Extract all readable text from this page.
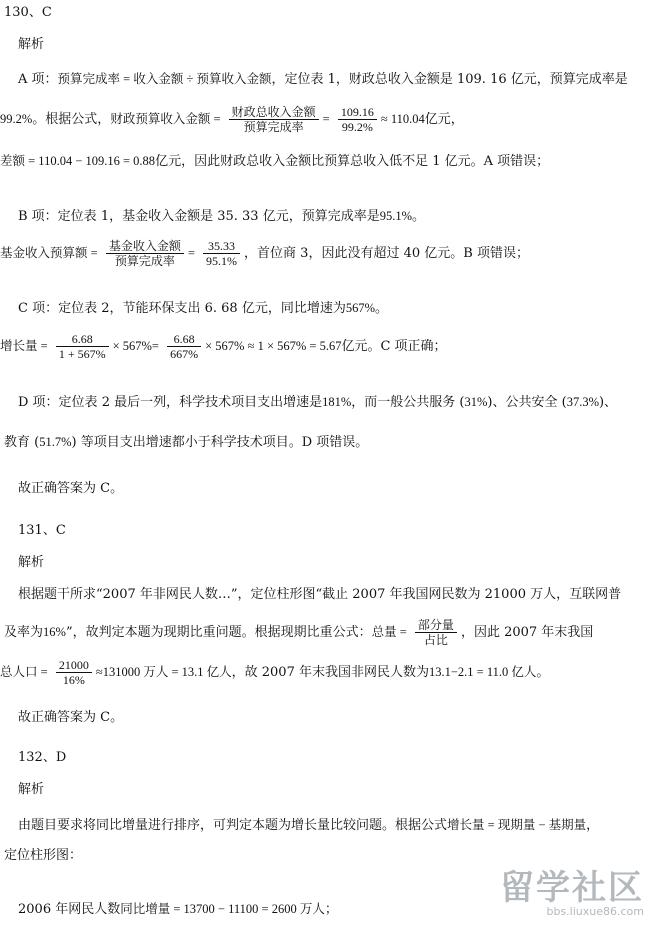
130、C
解析
A 项：预算完成率 = 收入金额 ÷ 预算收入金额，定位表 1，财政总收入金额是 109. 16 亿元，预算完成率是
99.2%。根据公式，财政预算收入金额 = $\frac{\text{财政总收入金额}}{\text{预算完成率}} = \frac{109.16}{99.2\%} \approx 110.04$亿元，
差额 = 110.04 − 109.16 = 0.88亿元，因此财政总收入金额比预算总收入低不足 1 亿元。A 项错误；
B 项：定位表 1，基金收入金额是 35. 33 亿元，预算完成率是95.1%。
基金收入预算额 = $\frac{\text{基金收入金额}}{\text{预算完成率}} = \frac{35.33}{95.1\%}$ ，首位商 3，因此没有超过 40 亿元。B 项错误；
C 项：定位表 2，节能环保支出 6. 68 亿元，同比增速为567%。
增长量 = $\frac{6.68}{1 + 567\%} \times 567\%= \frac{6.68}{667\%} \times 567\% \approx 1 \times 567\% = 5.67$亿元。C 项正确；
D 项：定位表 2 最后一列，科学技术项目支出增速是181%，而一般公共服务 (31%)、公共安全 (37.3%)、
教育 (51.7%) 等项目支出增速都小于科学技术项目。D 项错误。
故正确答案为 C。
131、C
解析
根据题干所求“2007 年非网民人数…”，定位柱形图“截止 2007 年我国网民数为 21000 万人，互联网普
及率为16%”，故判定本题为现期比重问题。根据现期比重公式：总量 = $\frac{\text{部分量}}{\text{占比}}$ ，因此 2007 年末我国
总人口 = $\frac{21000}{16\%} \approx 131000$ 万人 = 13.1 亿人，故 2007 年末我国非网民人数为13.1−2.1 = 11.0 亿人。
故正确答案为 C。
132、D
解析
由题目要求将同比增量进行排序，可判定本题为增长量比较问题。根据公式增长量 = 现期量 − 基期量，
定位柱形图：
2006 年网民人数同比增量 = 13700 − 11100 = 2600 万人；
留学社区
bbs.liuxue86.com
